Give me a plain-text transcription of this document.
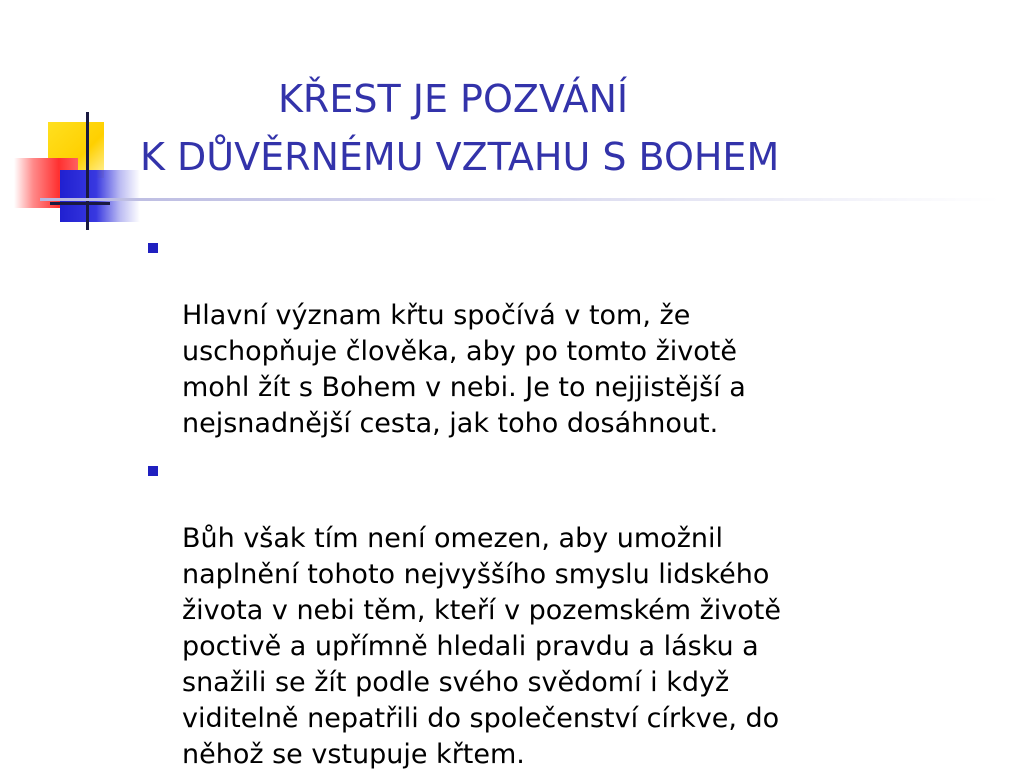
KŘEST JE POZVÁNÍ
K DŮVĚRNÉMU VZTAHU S BOHEM

Hlavní význam křtu spočívá v tom, že
uschopňuje člověka, aby po tomto životě
mohl žít s Bohem v nebi. Je to nejjistější a
nejsnadnější cesta, jak toho dosáhnout.

Bůh však tím není omezen, aby umožnil
naplnění tohoto nejvyššího smyslu lidského
života v nebi těm, kteří v pozemském životě
poctivě a upřímně hledali pravdu a lásku a
snažili se žít podle svého svědomí i když
viditelně nepatřili do společenství církve, do
něhož se vstupuje křtem.
